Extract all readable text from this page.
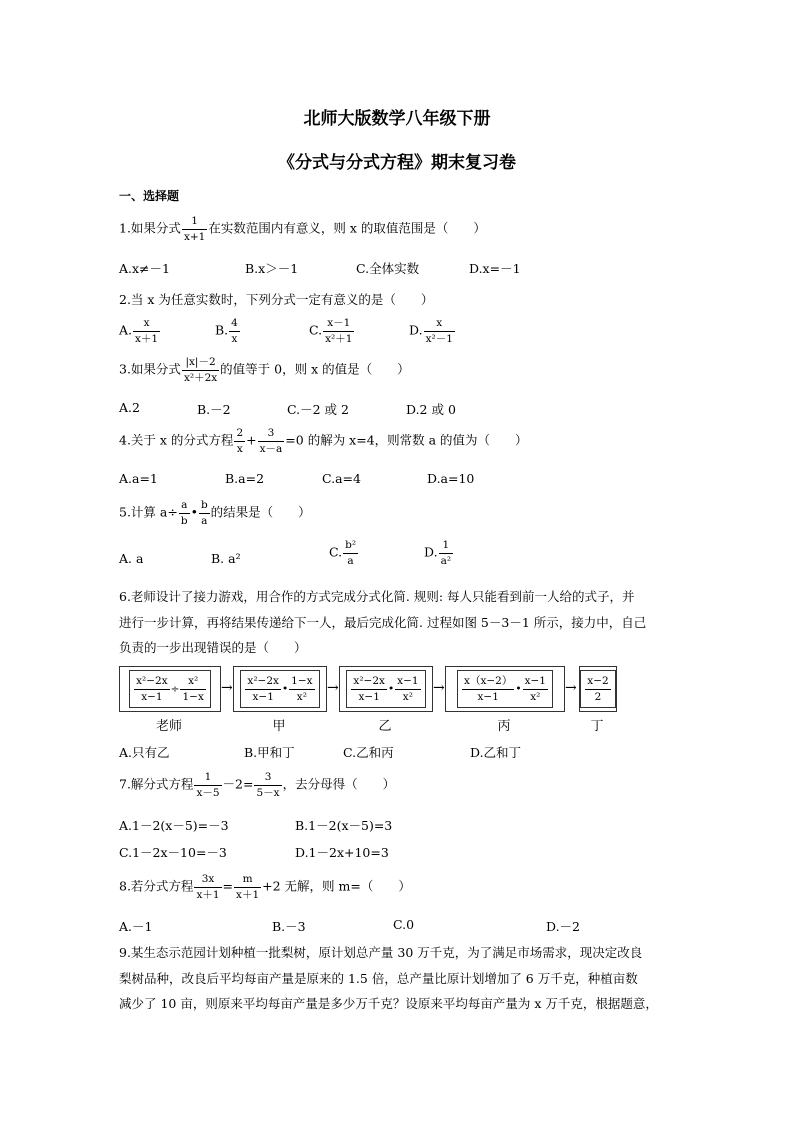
北师大版数学八年级下册
《分式与分式方程》期末复习卷
一、选择题
1.如果分式 $\frac{1}{x+1}$ 在实数范围内有意义，则 x 的取值范围是（　　）
A.x≠－1	B.x＞－1	C.全体实数	D.x=－1
2.当 x 为任意实数时，下列分式一定有意义的是（　　）
A. $\frac{x}{x+1}$	B. $\frac{4}{x}$	C. $\frac{x-1}{\text{x²＋1}}$	D. $\frac{x}{\text{x²－1}}$
3.如果分式 $\frac{|x|-2}{\text{x²＋2x}}$ 的值等于 0，则 x 的值是（　　）
A.2	B.－2	C.－2 或 2	D.2 或 0
4.关于 x 的分式方程 $\frac{2}{x} + \frac{3}{x-a} =0$ 的解为 x=4，则常数 a 的值为（　　）
A.a=1	B.a=2	C.a=4	D.a=10
5.计算 $a\div \frac{a}{b}$ • $\frac{b}{a}$ 的结果是（　　）
A. a	B. a²	C. $\frac{\text{b²}}{a}$	D. $\frac{1}{\text{a²}}$
6.老师设计了接力游戏，用合作的方式完成分式化简. 规则: 每人只能看到前一人给的式子，并
进行一步计算，再将结果传递给下一人，最后完成化简. 过程如图 5－3－1 所示，接力中，自己
负责的一步出现错误的是（　　）
$\frac{\text{x²−2x}}{x-1} \div \frac{\text{x²}}{1-x}$ →
老师
$\frac{\text{x²−2x}}{x-1}$ • $\frac{1-x}{\text{x²}}$ →
甲
$\frac{\text{x²−2x}}{x-1}$ • $\frac{x-1}{\text{x²}}$ →
乙
$\frac{x(x-2)}{x-1}$ • $\frac{x-1}{\text{x²}}$ →
丙
$\frac{x-2}{2}$
丁
A.只有乙	B.甲和丁	C.乙和丙	D.乙和丁
7.解分式方程 $\frac{1}{x-5} -2= \frac{3}{5-x}$ ，去分母得（　　）
A.1－2(x－5)=－3	B.1－2(x－5)=3
C.1－2x－10=－3	D.1－2x+10=3
8.若分式方程 $\frac{3x}{x+1} = \frac{m}{x+1} +2$ 无解，则 m=（　　）
A.－1	B.－3	C.0	D.－2
9.某生态示范园计划种植一批梨树，原计划总产量 30 万千克，为了满足市场需求，现决定改良
梨树品种，改良后平均每亩产量是原来的 1.5 倍，总产量比原计划增加了 6 万千克，种植亩数
减少了 10 亩，则原来平均每亩产量是多少万千克？设原来平均每亩产量为 x 万千克，根据题意，
